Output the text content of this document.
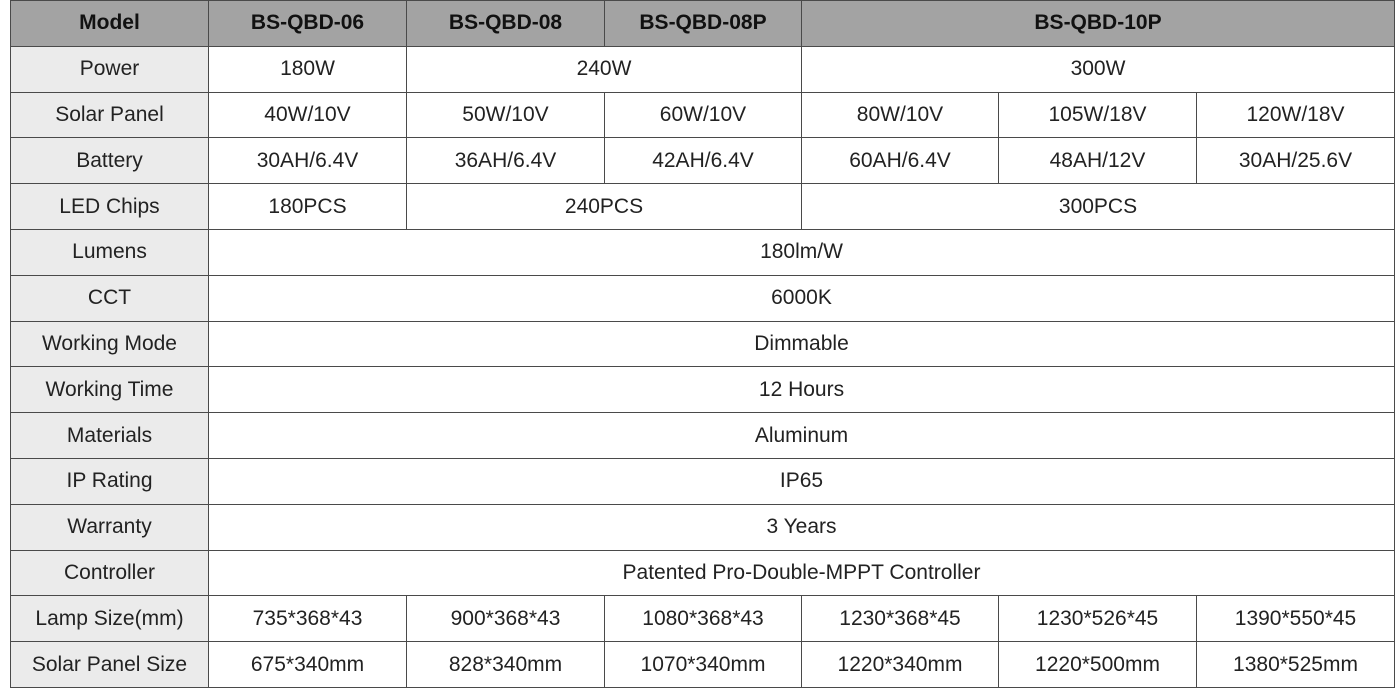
Model	BS-QBD-06	BS-QBD-08	BS-QBD-08P	BS-QBD-10P		
Power	180W	240W		300W		
Solar Panel	40W/10V	50W/10V	60W/10V	80W/10V	105W/18V	120W/18V
Battery	30AH/6.4V	36AH/6.4V	42AH/6.4V	60AH/6.4V	48AH/12V	30AH/25.6V
LED Chips	180PCS	240PCS		300PCS		
Lumens	180lm/W					
CCT	6000K					
Working Mode	Dimmable					
Working Time	12 Hours					
Materials	Aluminum					
IP Rating	IP65					
Warranty	3 Years					
Controller	Patented Pro-Double-MPPT Controller					
Lamp Size(mm)	735*368*43	900*368*43	1080*368*43	1230*368*45	1230*526*45	1390*550*45
Solar Panel Size	675*340mm	828*340mm	1070*340mm	1220*340mm	1220*500mm	1380*525mm
